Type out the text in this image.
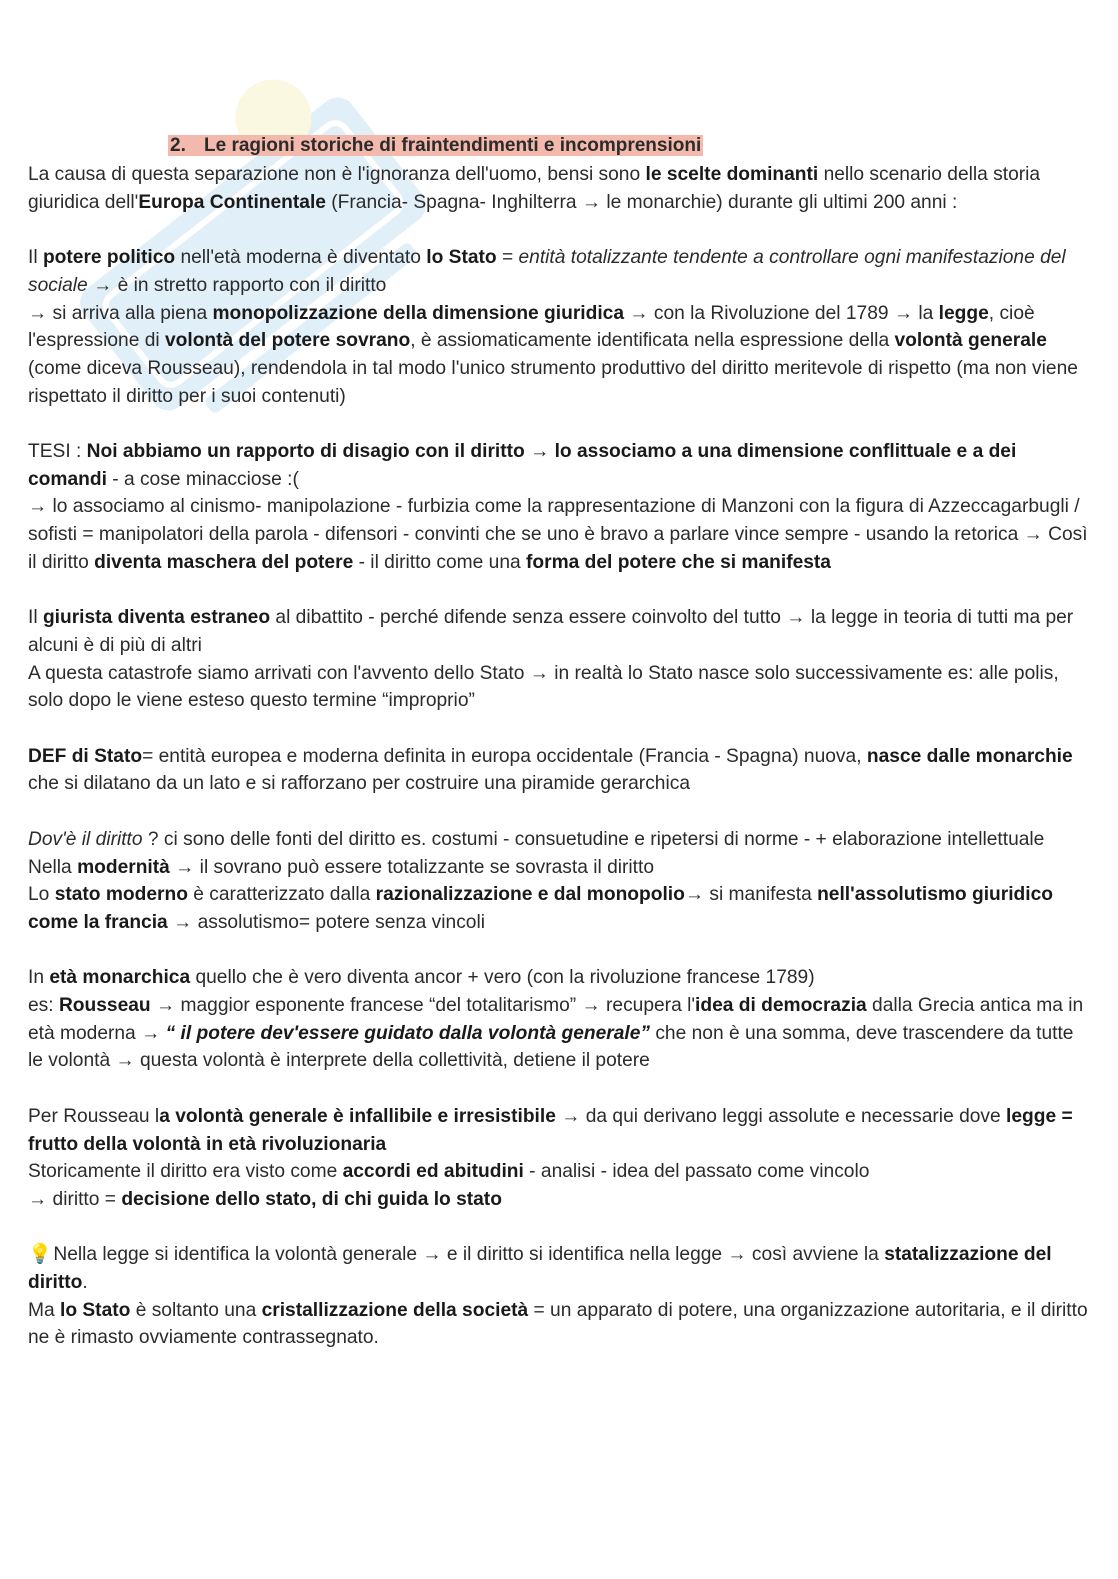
2. Le ragioni storiche di fraintendimenti e incomprensioni

La causa di questa separazione non è l'ignoranza dell'uomo, bensi sono le scelte dominanti nello scenario della storia giuridica dell'Europa Continentale (Francia- Spagna- Inghilterra → le monarchie) durante gli ultimi 200 anni :

Il potere politico nell'età moderna è diventato lo Stato = entità totalizzante tendente a controllare ogni manifestazione del sociale → è in stretto rapporto con il diritto

→ si arriva alla piena monopolizzazione della dimensione giuridica → con la Rivoluzione del 1789 → la legge, cioè l'espressione di volontà del potere sovrano, è assiomaticamente identificata nella espressione della volontà generale (come diceva Rousseau), rendendola in tal modo l'unico strumento produttivo del diritto meritevole di rispetto (ma non viene rispettato il diritto per i suoi contenuti)

TESI : Noi abbiamo un rapporto di disagio con il diritto → lo associamo a una dimensione conflittuale e a dei comandi - a cose minacciose :(

→ lo associamo al cinismo- manipolazione - furbizia come la rappresentazione di Manzoni con la figura di Azzeccagarbugli / sofisti = manipolatori della parola - difensori - convinti che se uno è bravo a parlare vince sempre - usando la retorica → Così il diritto diventa maschera del potere - il diritto come una forma del potere che si manifesta

Il giurista diventa estraneo al dibattito - perché difende senza essere coinvolto del tutto → la legge in teoria di tutti ma per alcuni è di più di altri

A questa catastrofe siamo arrivati con l'avvento dello Stato → in realtà lo Stato nasce solo successivamente es: alle polis, solo dopo le viene esteso questo termine “improprio”

DEF di Stato= entità europea e moderna definita in europa occidentale (Francia - Spagna) nuova, nasce dalle monarchie che si dilatano da un lato e si rafforzano per costruire una piramide gerarchica

Dov'è il diritto ? ci sono delle fonti del diritto es. costumi - consuetudine e ripetersi di norme - + elaborazione intellettuale

Nella modernità → il sovrano può essere totalizzante se sovrasta il diritto

Lo stato moderno è caratterizzato dalla razionalizzazione e dal monopolio→ si manifesta nell'assolutismo giuridico come la francia → assolutismo= potere senza vincoli

In età monarchica quello che è vero diventa ancor + vero (con la rivoluzione francese 1789)

es: Rousseau → maggior esponente francese “del totalitarismo” → recupera l'idea di democrazia dalla Grecia antica ma in età moderna → “ il potere dev'essere guidato dalla volontà generale” che non è una somma, deve trascendere da tutte le volontà → questa volontà è interprete della collettività, detiene il potere

Per Rousseau la volontà generale è infallibile e irresistibile → da qui derivano leggi assolute e necessarie dove legge = frutto della volontà in età rivoluzionaria

Storicamente il diritto era visto come accordi ed abitudini - analisi - idea del passato come vincolo

→ diritto = decisione dello stato, di chi guida lo stato

💡 Nella legge si identifica la volontà generale → e il diritto si identifica nella legge → così avviene la statalizzazione del diritto.

Ma lo Stato è soltanto una cristallizzazione della società = un apparato di potere, una organizzazione autoritaria, e il diritto ne è rimasto ovviamente contrassegnato.
